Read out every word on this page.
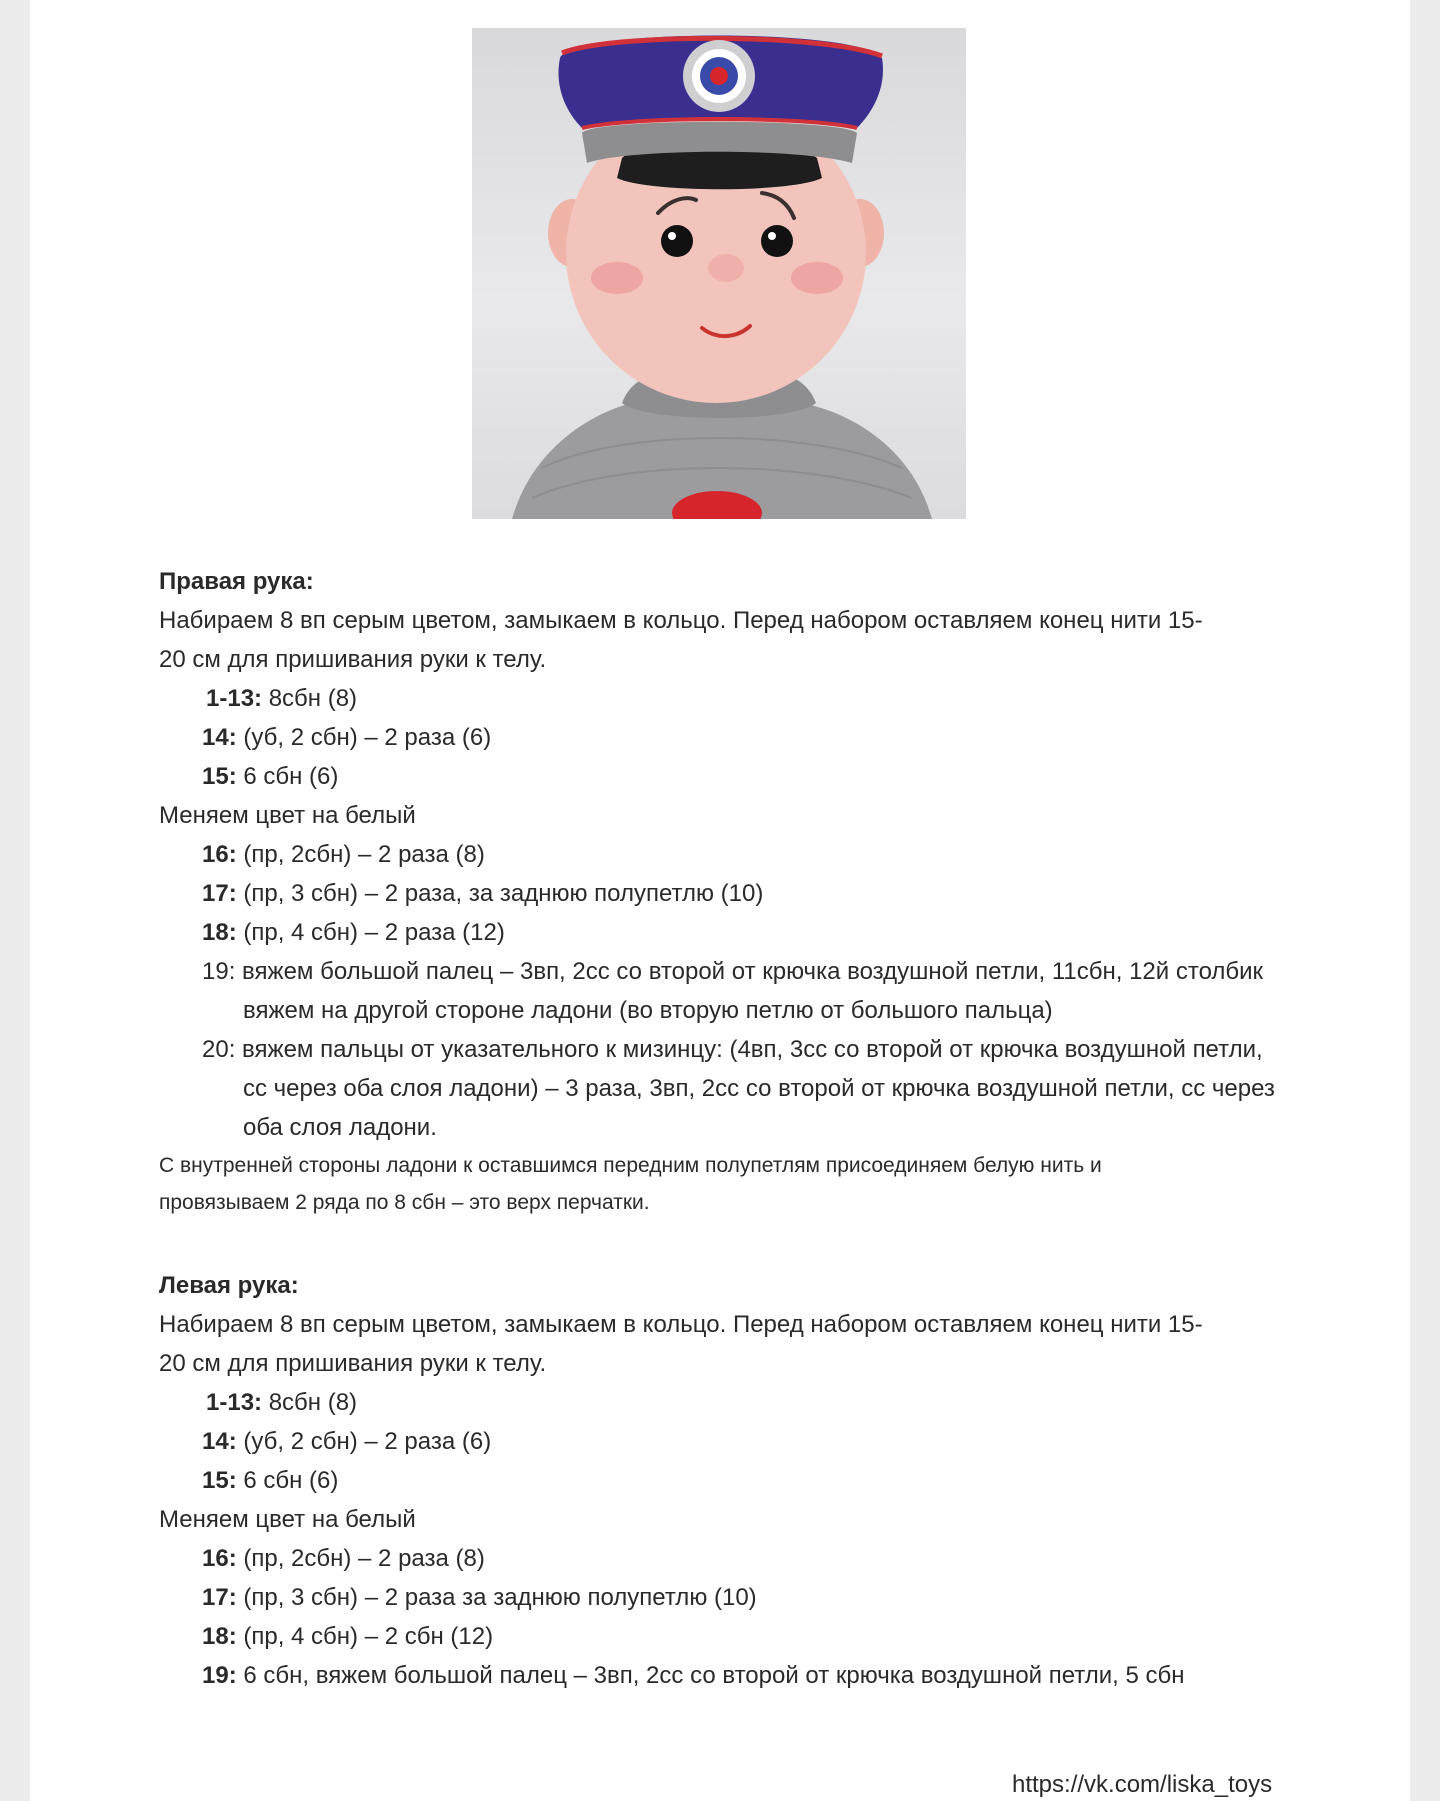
Правая рука:

Набираем 8 вп серым цветом, замыкаем в кольцо. Перед набором оставляем конец нити 15-

20 см для пришивания руки к телу.

1-13: 8сбн (8)

14: (уб, 2 сбн) – 2 раза (6)

15: 6 сбн (6)

Меняем цвет на белый

16: (пр, 2сбн) – 2 раза (8)

17: (пр, 3 сбн) – 2 раза, за заднюю полупетлю (10)

18: (пр, 4 сбн) – 2 раза (12)

19: вяжем большой палец – 3вп, 2сс со второй от крючка воздушной петли, 11сбн, 12й столбик вяжем на другой стороне ладони (во вторую петлю от большого пальца)

20: вяжем пальцы от указательного к мизинцу: (4вп, 3сс со второй от крючка воздушной петли, сс через оба слоя ладони) – 3 раза, 3вп, 2сс со второй от крючка воздушной петли, сс через оба слоя ладони.

С внутренней стороны ладони к оставшимся передним полупетлям присоединяем белую нить и

провязываем 2 ряда по 8 сбн – это верх перчатки.

Левая рука:

Набираем 8 вп серым цветом, замыкаем в кольцо. Перед набором оставляем конец нити 15-

20 см для пришивания руки к телу.

1-13: 8сбн (8)

14: (уб, 2 сбн) – 2 раза (6)

15: 6 сбн (6)

Меняем цвет на белый

16: (пр, 2сбн) – 2 раза (8)

17: (пр, 3 сбн) – 2 раза за заднюю полупетлю (10)

18: (пр, 4 сбн) – 2 сбн (12)

19: 6 сбн, вяжем большой палец – 3вп, 2сс со второй от крючка воздушной петли, 5 сбн

https://vk.com/liska_toys
